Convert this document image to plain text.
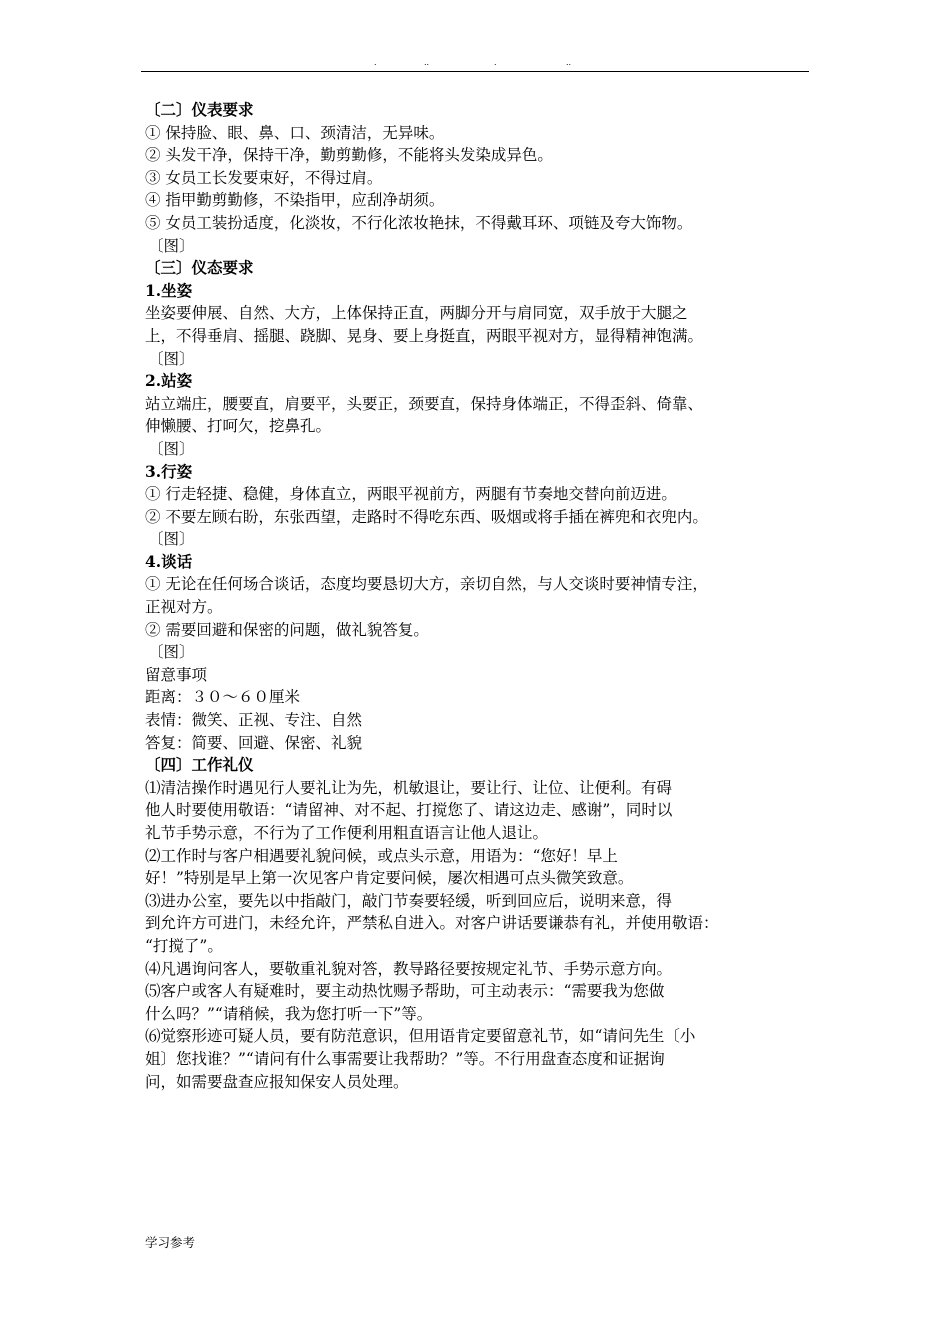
.	..	.	..
〔二〕仪表要求
① 保持脸、眼、鼻、口、颈清洁，无异味。
② 头发干净，保持干净，勤剪勤修，不能将头发染成异色。
③ 女员工长发要束好，不得过肩。
④ 指甲勤剪勤修，不染指甲，应刮净胡须。
⑤ 女员工装扮适度，化淡妆，不行化浓妆艳抹，不得戴耳环、项链及夸大饰物。
〔图〕
〔三〕仪态要求
1.坐姿
坐姿要伸展、自然、大方，上体保持正直，两脚分开与肩同宽，双手放于大腿之
上，不得垂肩、摇腿、跷脚、晃身、要上身挺直，两眼平视对方，显得精神饱满。
〔图〕
2.站姿
站立端庄，腰要直，肩要平，头要正，颈要直，保持身体端正，不得歪斜、倚靠、
伸懒腰、打呵欠，挖鼻孔。
〔图〕
3.行姿
① 行走轻捷、稳健，身体直立，两眼平视前方，两腿有节奏地交替向前迈进。
② 不要左顾右盼，东张西望，走路时不得吃东西、吸烟或将手插在裤兜和衣兜内。
〔图〕
4.谈话
① 无论在任何场合谈话，态度均要恳切大方，亲切自然，与人交谈时要神情专注，
正视对方。
② 需要回避和保密的问题，做礼貌答复。
〔图〕
留意事项
距离：３０～６０厘米
表情：微笑、正视、专注、自然
答复：简要、回避、保密、礼貌
〔四〕工作礼仪
⑴清洁操作时遇见行人要礼让为先，机敏退让，要让行、让位、让便利。有碍
他人时要使用敬语：“请留神、对不起、打搅您了、请这边走、感谢”，同时以
礼节手势示意，不行为了工作便利用粗直语言让他人退让。
⑵工作时与客户相遇要礼貌问候，或点头示意，用语为：“您好！早上
好！”特别是早上第一次见客户肯定要问候，屡次相遇可点头微笑致意。
⑶进办公室，要先以中指敲门，敲门节奏要轻缓，听到回应后，说明来意，得
到允许方可进门，未经允许，严禁私自进入。对客户讲话要谦恭有礼，并使用敬语：
“打搅了”。
⑷凡遇询问客人，要敬重礼貌对答，教导路径要按规定礼节、手势示意方向。
⑸客户或客人有疑难时，要主动热忱赐予帮助，可主动表示：“需要我为您做
什么吗？”“请稍候，我为您打听一下”等。
⑹觉察形迹可疑人员，要有防范意识，但用语肯定要留意礼节，如“请问先生〔小
姐〕您找谁？”“请问有什么事需要让我帮助？”等。不行用盘查态度和证据询
问，如需要盘查应报知保安人员处理。
学习参考
